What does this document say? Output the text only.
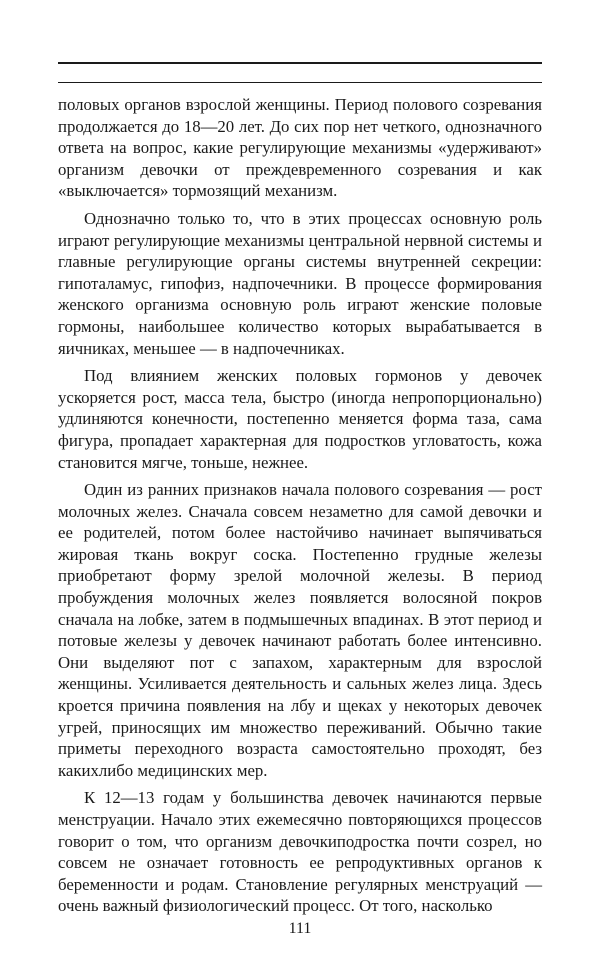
половых органов взрослой женщины. Период полового созревания продолжается до 18—20 лет. До сих пор нет четкого, однозначного ответа на вопрос, какие регулирующие механизмы «удерживают» организм девочки от преждевременного созревания и как «выключается» тормозящий механизм.

Однозначно только то, что в этих процессах основную роль играют регулирующие механизмы центральной нервной системы и главные регулирующие органы системы внутренней секреции: гипоталамус, гипофиз, надпочечники. В процессе формирования женского организма основную роль играют женские половые гормоны, наибольшее количество которых вырабатывается в яичниках, меньшее — в надпочечниках.

Под влиянием женских половых гормонов у девочек ускоряется рост, масса тела, быстро (иногда непропорционально) удлиняются конечности, постепенно меняется форма таза, сама фигура, пропадает характерная для подростков угловатость, кожа становится мягче, тоньше, нежнее.

Один из ранних признаков начала полового созревания — рост молочных желез. Сначала совсем незаметно для самой девочки и ее родителей, потом более настойчиво начинает выпячиваться жировая ткань вокруг соска. Постепенно грудные железы приобретают форму зрелой молочной железы. В период пробуждения молочных желез появляется волосяной покров сначала на лобке, затем в подмышечных впадинах. В этот период и потовые железы у девочек начинают работать более интенсивно. Они выделяют пот с запахом, характерным для взрослой женщины. Усиливается деятельность и сальных желез лица. Здесь кроется причина появления на лбу и щеках у некоторых девочек угрей, приносящих им множество переживаний. Обычно такие приметы переходного возраста самостоятельно проходят, без какихлибо медицинских мер.

К 12—13 годам у большинства девочек начинаются первые менструации. Начало этих ежемесячно повторяющихся процессов говорит о том, что организм девочкиподростка почти созрел, но совсем не означает готовность ее репродуктивных органов к беременности и родам. Становление регулярных менструаций — очень важный физиологический процесс. От того, насколько

111
